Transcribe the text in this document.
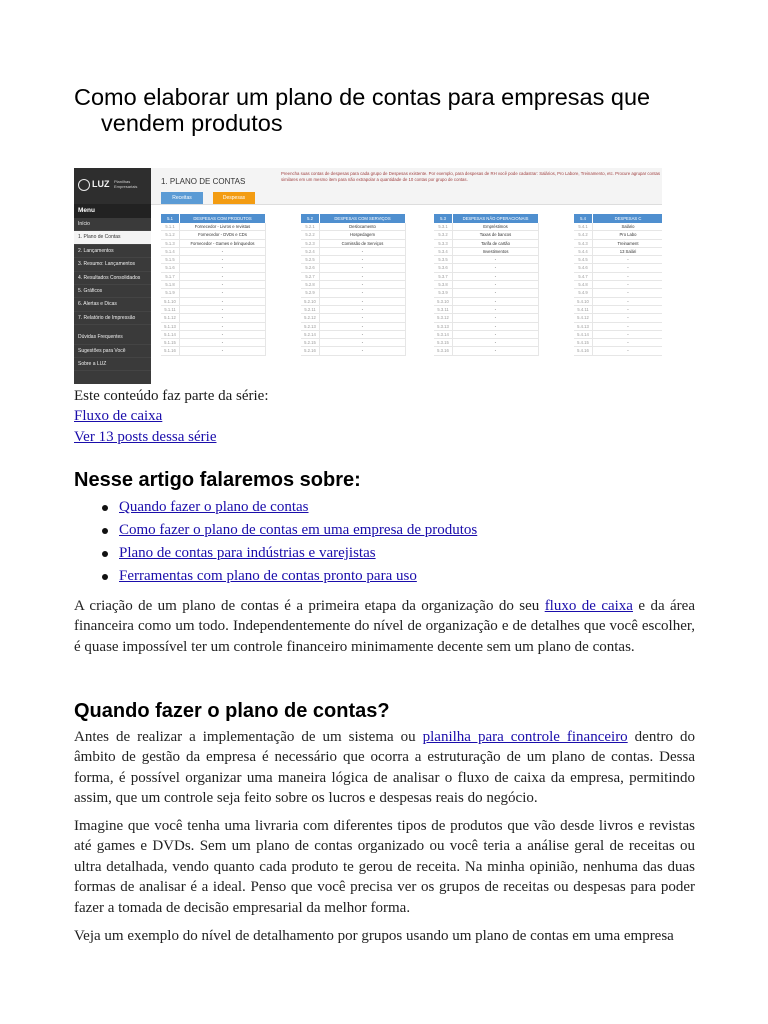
Como elaborar um plano de contas para empresas que
vendem produtos
LUZ Planilhas Empresariais
Menu
Início
1. Plano de Contas
2. Lançamentos
3. Resumo: Lançamentos
4. Resultados Consolidados
5. Gráficos
6. Alertas e Dicas
7. Relatório de Impressão
Dúvidas Frequentes
Sugestões para Você
Sobre a LUZ
1. PLANO DE CONTAS
Receitas	Despesas
Preencha suas contas de despesas para cada grupo de Despesas existente. Por exemplo, para despesas de RH você pode cadastrar: Salários, Pro Labore, Treinamento, etc. Procure agrupar contas similares em um mesmo item para não extrapolar a quantidade de 10 contas por grupo de contas.
5.1	DESPESAS COM PRODUTOS
5.1.1	Fornecedor - Livros e revistas
5.1.2	Fornecedor - DVDs e CDs
5.1.3	Fornecedor - Games e brinquedos
5.1.4	-
5.1.5	-
5.1.6	-
5.1.7	-
5.1.8	-
5.1.9	-
5.1.10	-
5.1.11	-
5.1.12	-
5.1.13	-
5.1.14	-
5.1.15	-
5.1.16	-
5.2	DESPESAS COM SERVIÇOS
5.2.1	Deslocamento
5.2.2	Hospedagem
5.2.3	Comissão de Serviços
5.2.4	-
5.2.5	-
5.2.6	-
5.2.7	-
5.2.8	-
5.2.9	-
5.2.10	-
5.2.11	-
5.2.12	-
5.2.13	-
5.2.14	-
5.2.15	-
5.2.16	-
5.3	DESPESAS NÃO OPERACIONAIS
5.3.1	Empréstimos
5.3.2	Taxas de bancos
5.3.3	Tarifa de cartão
5.3.4	Investimentos
5.3.5	-
5.3.6	-
5.3.7	-
5.3.8	-
5.3.9	-
5.3.10	-
5.3.11	-
5.3.12	-
5.3.13	-
5.3.14	-
5.3.15	-
5.3.16	-
5.4	DESPESAS C
5.4.1	Salário
5.4.2	Pro Labo
5.4.3	Treinament
5.4.4	13 Salári
5.4.5	-
5.4.6	-
5.4.7	-
5.4.8	-
5.4.9	-
5.4.10	-
5.4.11	-
5.4.12	-
5.4.13	-
5.4.14	-
5.4.15	-
5.4.16	-
Este conteúdo faz parte da série:
Fluxo de caixa
Ver 13 posts dessa série
Nesse artigo falaremos sobre:
Quando fazer o plano de contas
Como fazer o plano de contas em uma empresa de produtos
Plano de contas para indústrias e varejistas
Ferramentas com plano de contas pronto para uso

A criação de um plano de contas é a primeira etapa da organização do seu fluxo de caixa e da área financeira como um todo. Independentemente do nível de organização e de detalhes que você escolher, é quase impossível ter um controle financeiro minimamente decente sem um plano de contas.

Quando fazer o plano de contas?

Antes de realizar a implementação de um sistema ou planilha para controle financeiro dentro do âmbito de gestão da empresa é necessário que ocorra a estruturação de um plano de contas. Dessa forma, é possível organizar uma maneira lógica de analisar o fluxo de caixa da empresa, permitindo assim, que um controle seja feito sobre os lucros e despesas reais do negócio.

Imagine que você tenha uma livraria com diferentes tipos de produtos que vão desde livros e revistas até games e DVDs. Sem um plano de contas organizado ou você teria a análise geral de receitas ou ultra detalhada, vendo quanto cada produto te gerou de receita. Na minha opinião, nenhuma das duas formas de analisar é a ideal. Penso que você precisa ver os grupos de receitas ou despesas para poder fazer a tomada de decisão empresarial da melhor forma.

Veja um exemplo do nível de detalhamento por grupos usando um plano de contas em uma empresa
